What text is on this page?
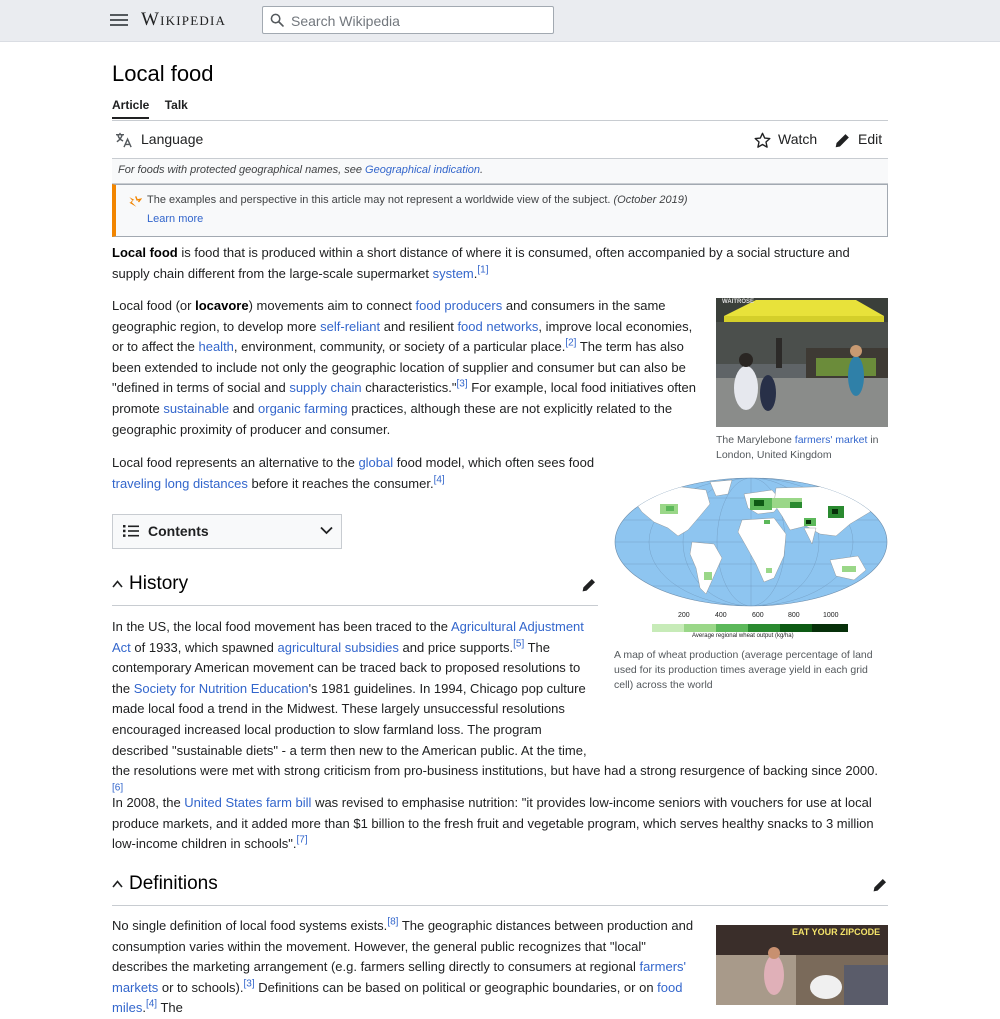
Wikipedia
Search Wikipedia
Local food
Article Talk
Language	Watch	Edit
For foods with protected geographical names, see Geographical indication.
The examples and perspective in this article may not represent a worldwide view of the subject. (October 2019)
Learn more

Local food is food that is produced within a short distance of where it is consumed, often accompanied by a social structure and supply chain different from the large-scale supermarket system.[1]

Local food (or locavore) movements aim to connect food producers and consumers in the same geographic region, to develop more self-reliant and resilient food networks, improve local economies, or to affect the health, environment, community, or society of a particular place.[2] The term has also been extended to include not only the geographic location of supplier and consumer but can also be "defined in terms of social and supply chain characteristics."[3] For example, local food initiatives often promote sustainable and organic farming practices, although these are not explicitly related to the geographic proximity of producer and consumer.

Local food represents an alternative to the global food model, which often sees food traveling long distances before it reaches the consumer.[4]

WAITROSE
The Marylebone farmers' market in London, United Kingdom
200	400	600	800	1000
Average regional wheat output (kg/ha)
A map of wheat production (average percentage of land used for its production times average yield in each grid cell) across the world
Contents
History

In the US, the local food movement has been traced to the Agricultural Adjustment Act of 1933, which spawned agricultural subsidies and price supports.[5] The contemporary American movement can be traced back to proposed resolutions to the Society for Nutrition Education's 1981 guidelines. In 1994, Chicago pop culture made local food a trend in the Midwest. These largely unsuccessful resolutions encouraged increased local production to slow farmland loss. The program described "sustainable diets" - a term then new to the American public. At the time, the resolutions were met with strong criticism from pro-business institutions, but have had a strong resurgence of backing since 2000.[6]

In 2008, the United States farm bill was revised to emphasise nutrition: "it provides low-income seniors with vouchers for use at local produce markets, and it added more than $1 billion to the fresh fruit and vegetable program, which serves healthy snacks to 3 million low-income children in schools".[7]

Definitions

No single definition of local food systems exists.[8] The geographic distances between production and consumption varies within the movement. However, the general public recognizes that "local" describes the marketing arrangement (e.g. farmers selling directly to consumers at regional farmers' markets or to schools).[3] Definitions can be based on political or geographic boundaries, or on food miles.[4] The

EAT YOUR ZIPCODE
